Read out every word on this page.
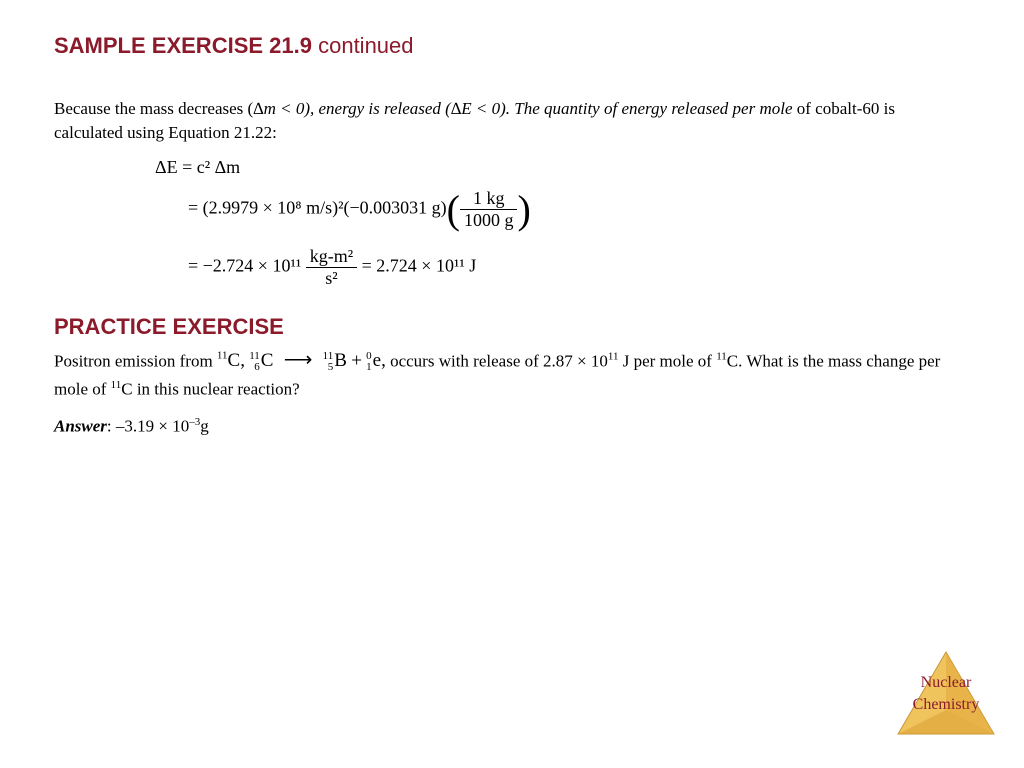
SAMPLE EXERCISE 21.9 continued
Because the mass decreases (∆m < 0), energy is released (∆E < 0). The quantity of energy released per mole of cobalt-60 is calculated using Equation 21.22:
ΔE = c² Δm
= (2.9979 × 10⁸ m/s)²(−0.003031 $g)( \frac{1 kg}{1000 g}$ )
= $-2.724 \times 10^{11} \frac{\text{kg-m²}}{\text{s²}} = 2.724 \times 10^{11}$ J
PRACTICE EXERCISE
Positron emission from $^{11}$C, 11
6 C ⟶ 11
5 B + 0
1 e, occurs with release of $2.87 \times 10^{11}$ J per mole of $^{11}$C. What is the mass change per mole of $^{11}$C in this nuclear reaction?
Answer: $-3.19 \times 10^{-3}g$
Nuclear
Chemistry
